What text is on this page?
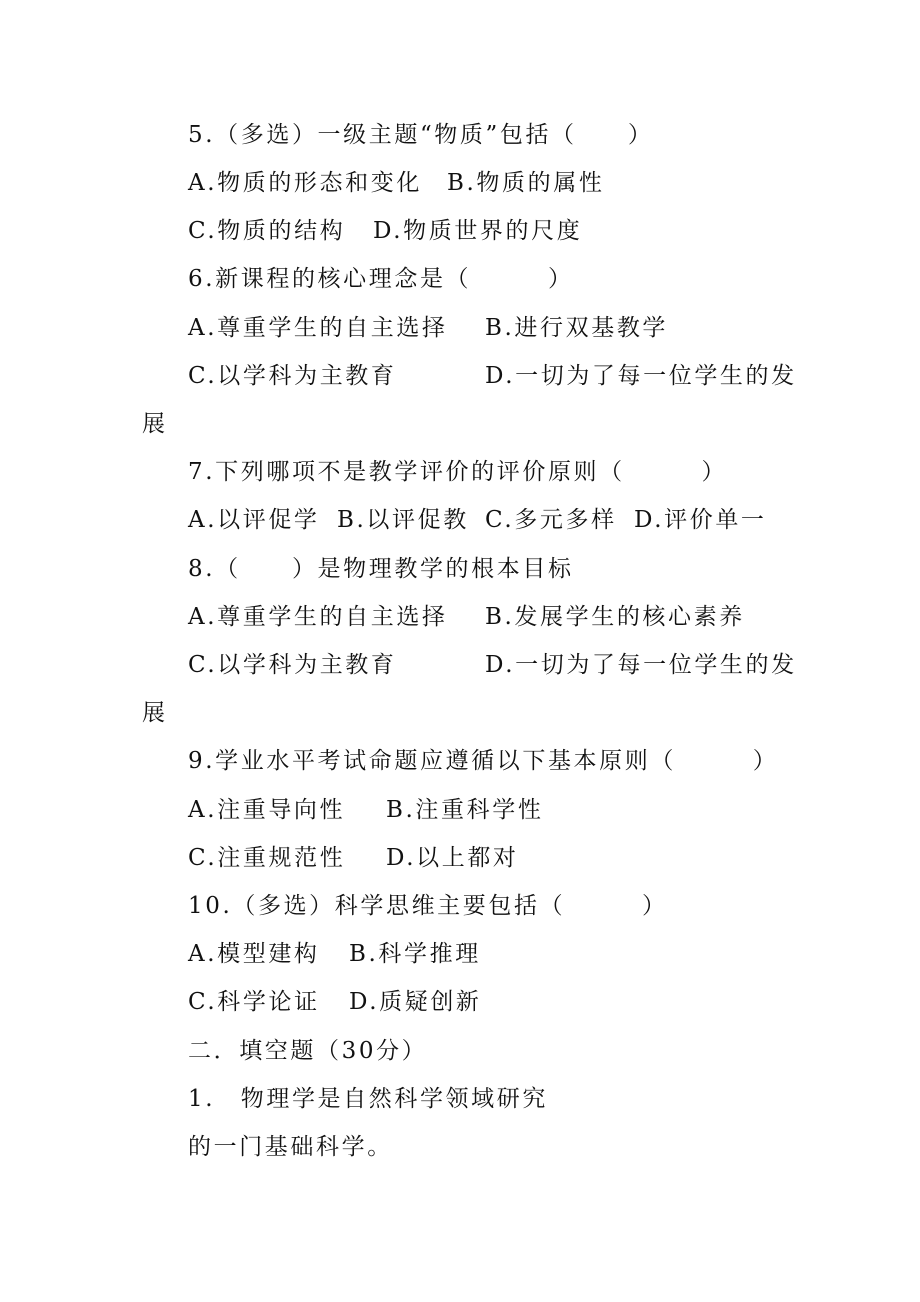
5.（多选）一级主题“物质”包括（　　）
A.物质的形态和变化 B.物质的属性
C.物质的结构 D.物质世界的尺度
6.新课程的核心理念是（　　　）
A.尊重学生的自主选择 B.进行双基教学
C.以学科为主教育	D.一切为了每一位学生的发
展
7.下列哪项不是教学评价的评价原则（　　　）
A.以评促学 B.以评促教 C.多元多样 D.评价单一
8.（　　）是物理教学的根本目标
A.尊重学生的自主选择 B.发展学生的核心素养
C.以学科为主教育	D.一切为了每一位学生的发
展
9.学业水平考试命题应遵循以下基本原则（　　　）
A.注重导向性 B.注重科学性
C.注重规范性 D.以上都对
10.（多选）科学思维主要包括（　　　）
A.模型建构 B.科学推理
C.科学论证 D.质疑创新
二．填空题（30分）
1.　物理学是自然科学领域研究
的一门基础科学。
